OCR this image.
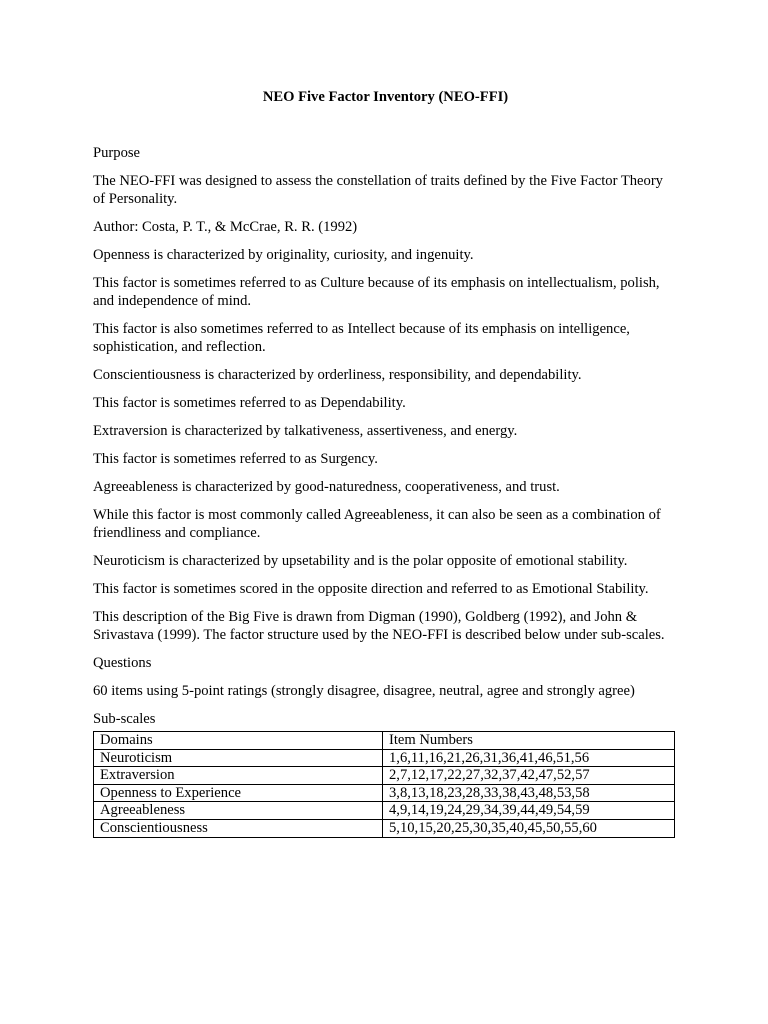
NEO Five Factor Inventory (NEO-FFI)

Purpose

The NEO-FFI was designed to assess the constellation of traits defined by the Five Factor Theory of Personality.

Author: Costa, P. T., & McCrae, R. R. (1992)

Openness is characterized by originality, curiosity, and ingenuity.

This factor is sometimes referred to as Culture because of its emphasis on intellectualism, polish, and independence of mind.

This factor is also sometimes referred to as Intellect because of its emphasis on intelligence, sophistication, and reflection.

Conscientiousness is characterized by orderliness, responsibility, and dependability.

This factor is sometimes referred to as Dependability.

Extraversion is characterized by talkativeness, assertiveness, and energy.

This factor is sometimes referred to as Surgency.

Agreeableness is characterized by good-naturedness, cooperativeness, and trust.

While this factor is most commonly called Agreeableness, it can also be seen as a combination of friendliness and compliance.

Neuroticism is characterized by upsetability and is the polar opposite of emotional stability.

This factor is sometimes scored in the opposite direction and referred to as Emotional Stability.

This description of the Big Five is drawn from Digman (1990), Goldberg (1992), and John & Srivastava (1999). The factor structure used by the NEO-FFI is described below under sub-scales.

Questions

60 items using 5-point ratings (strongly disagree, disagree, neutral, agree and strongly agree)

Sub-scales

Domains	Item Numbers
Neuroticism	1,6,11,16,21,26,31,36,41,46,51,56
Extraversion	2,7,12,17,22,27,32,37,42,47,52,57
Openness to Experience	3,8,13,18,23,28,33,38,43,48,53,58
Agreeableness	4,9,14,19,24,29,34,39,44,49,54,59
Conscientiousness	5,10,15,20,25,30,35,40,45,50,55,60
